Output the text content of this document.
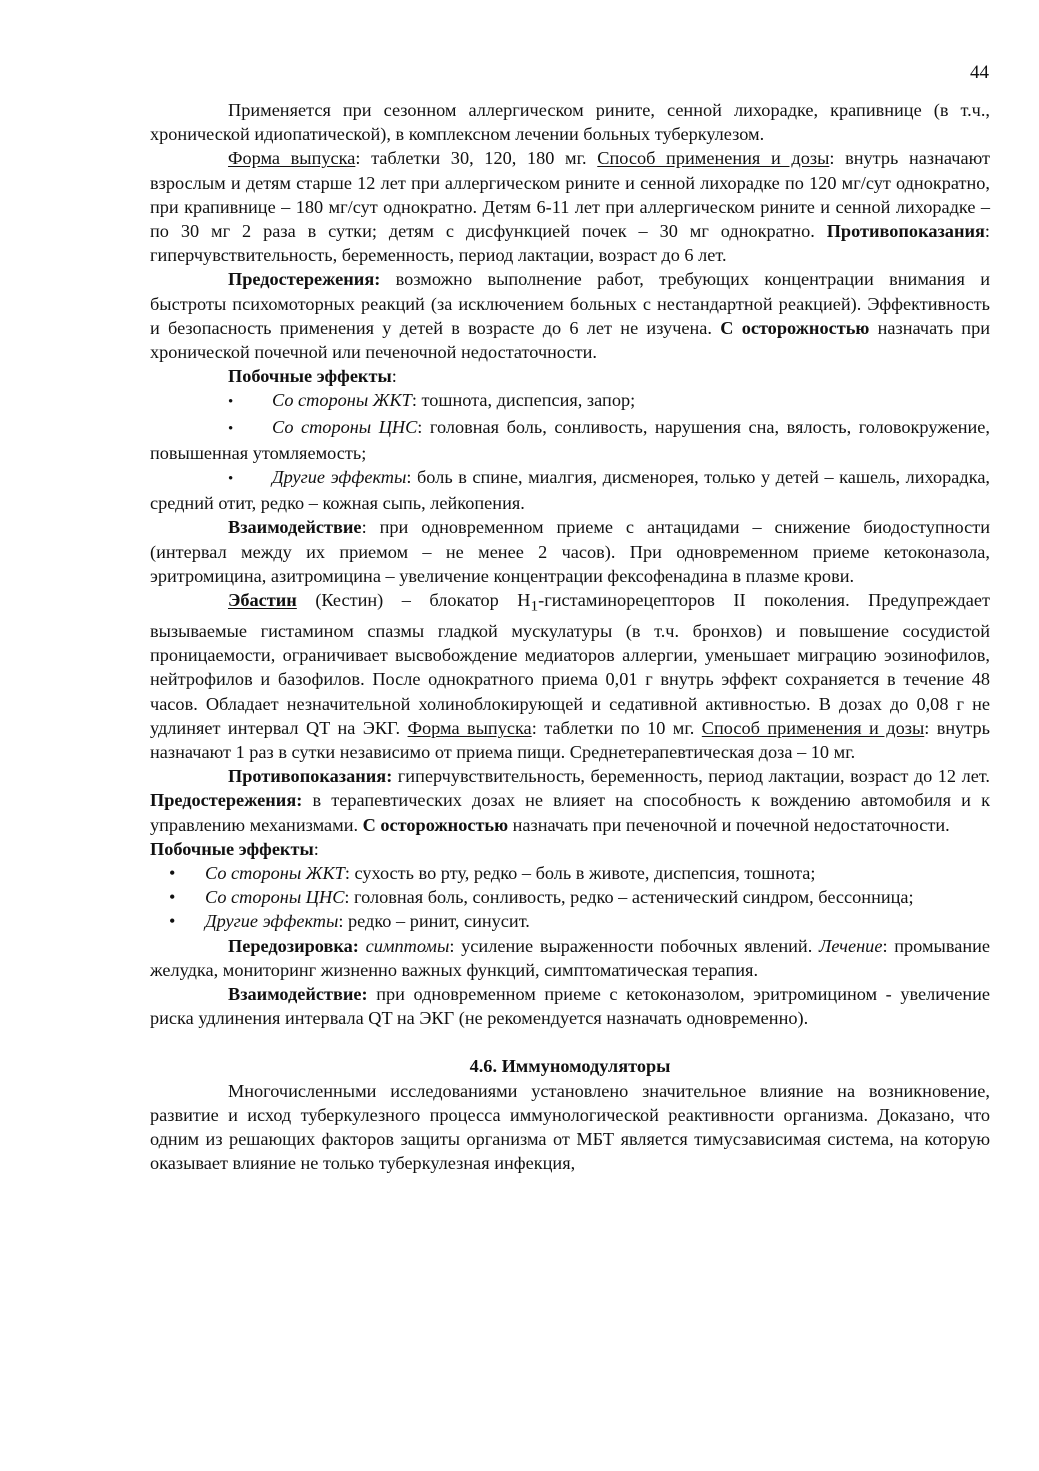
44

Применяется при сезонном аллергическом рините, сенной лихорадке, крапивнице (в т.ч., хронической идиопатической), в комплексном лечении больных туберкулезом.

Форма выпуска: таблетки 30, 120, 180 мг. Способ применения и дозы: внутрь назначают взрослым и детям старше 12 лет при аллергическом рините и сенной лихорадке по 120 мг/сут однократно, при крапивнице – 180 мг/сут однократно. Детям 6-11 лет при аллергическом рините и сенной лихорадке – по 30 мг 2 раза в сутки; детям с дисфункцией почек – 30 мг однократно. Противопоказания: гиперчувствительность, беременность, период лактации, возраст до 6 лет.

Предостережения: возможно выполнение работ, требующих концентрации внимания и быстроты психомоторных реакций (за исключением больных с нестандартной реакцией). Эффективность и безопасность применения у детей в возрасте до 6 лет не изучена. С осторожностью назначать при хронической почечной или печеночной недостаточности.

Побочные эффекты:

• Со стороны ЖКТ: тошнота, диспепсия, запор;

• Со стороны ЦНС: головная боль, сонливость, нарушения сна, вялость, головокружение, повышенная утомляемость;

• Другие эффекты: боль в спине, миалгия, дисменорея, только у детей – кашель, лихорадка, средний отит, редко – кожная сыпь, лейкопения.

Взаимодействие: при одновременном приеме с антацидами – снижение биодоступности (интервал между их приемом – не менее 2 часов). При одновременном приеме кетоконазола, эритромицина, азитромицина – увеличение концентрации фексофенадина в плазме крови.

Эбастин (Кестин) – блокатор $H_1$-гистаминорецепторов II поколения. Предупреждает вызываемые гистамином спазмы гладкой мускулатуры (в т.ч. бронхов) и повышение сосудистой проницаемости, ограничивает высвобождение медиаторов аллергии, уменьшает миграцию эозинофилов, нейтрофилов и базофилов. После однократного приема 0,01 г внутрь эффект сохраняется в течение 48 часов. Обладает незначительной холиноблокирующей и седативной активностью. В дозах до 0,08 г не удлиняет интервал QT на ЭКГ. Форма выпуска: таблетки по 10 мг. Способ применения и дозы: внутрь назначают 1 раз в сутки независимо от приема пищи. Среднетерапевтическая доза – 10 мг.

Противопоказания: гиперчувствительность, беременность, период лактации, возраст до 12 лет. Предостережения: в терапевтических дозах не влияет на способность к вождению автомобиля и к управлению механизмами. С осторожностью назначать при печеночной и почечной недостаточности.

Побочные эффекты:

• Со стороны ЖКТ: сухость во рту, редко – боль в животе, диспепсия, тошнота;

• Со стороны ЦНС: головная боль, сонливость, редко – астенический синдром, бессонница;

• Другие эффекты: редко – ринит, синусит.

Передозировка: симптомы: усиление выраженности побочных явлений. Лечение: промывание желудка, мониторинг жизненно важных функций, симптоматическая терапия.

Взаимодействие: при одновременном приеме с кетоконазолом, эритромицином - увеличение риска удлинения интервала QT на ЭКГ (не рекомендуется назначать одновременно).

4.6. Иммуномодуляторы

Многочисленными исследованиями установлено значительное влияние на возникновение, развитие и исход туберкулезного процесса иммунологической реактивности организма. Доказано, что одним из решающих факторов защиты организма от МБТ является тимусзависимая система, на которую оказывает влияние не только туберкулезная инфекция,
